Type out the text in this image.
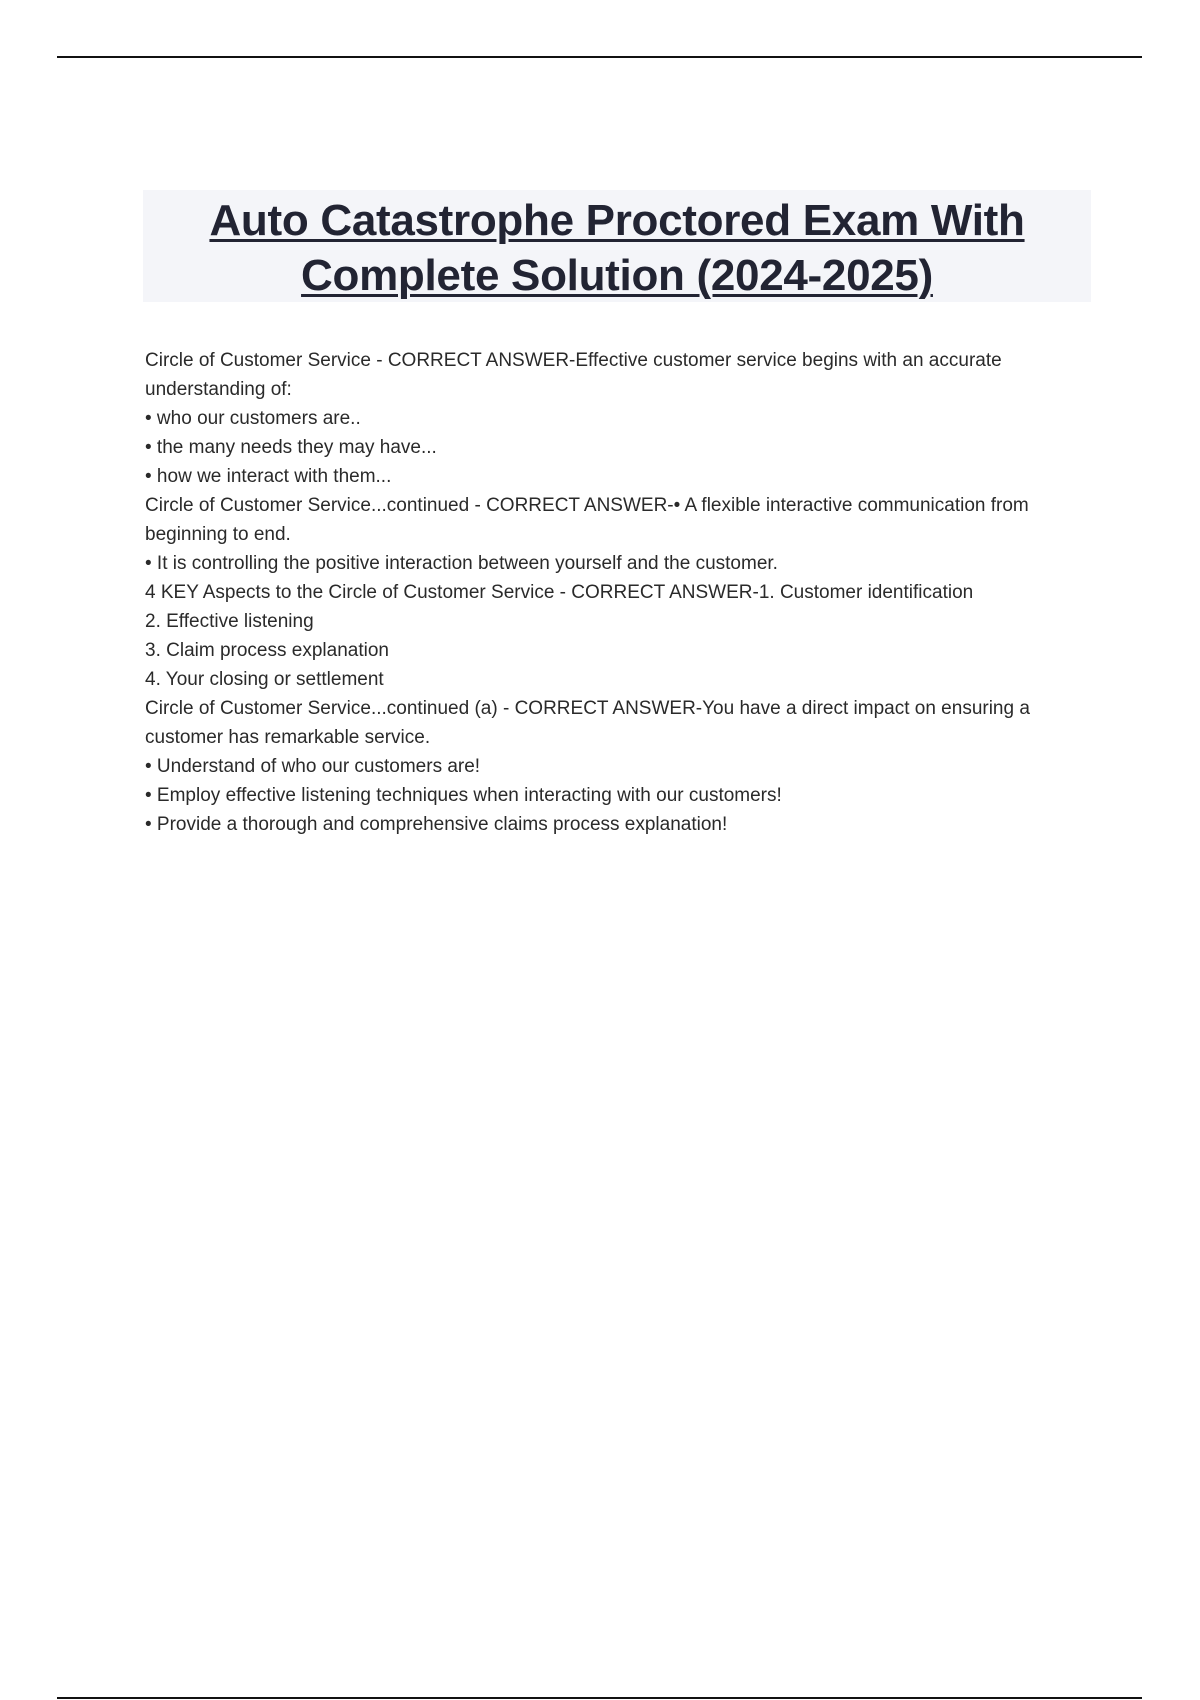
Auto Catastrophe Proctored Exam With
Complete Solution (2024-2025)

Circle of Customer Service - CORRECT ANSWER-Effective customer service begins with an accurate understanding of:

• who our customers are..

• the many needs they may have...

• how we interact with them...

Circle of Customer Service...continued - CORRECT ANSWER-• A flexible interactive communication from beginning to end.

• It is controlling the positive interaction between yourself and the customer.

4 KEY Aspects to the Circle of Customer Service - CORRECT ANSWER-1. Customer identification

2. Effective listening

3. Claim process explanation

4. Your closing or settlement

Circle of Customer Service...continued (a) - CORRECT ANSWER-You have a direct impact on ensuring a customer has remarkable service.

• Understand of who our customers are!

• Employ effective listening techniques when interacting with our customers!

• Provide a thorough and comprehensive claims process explanation!
